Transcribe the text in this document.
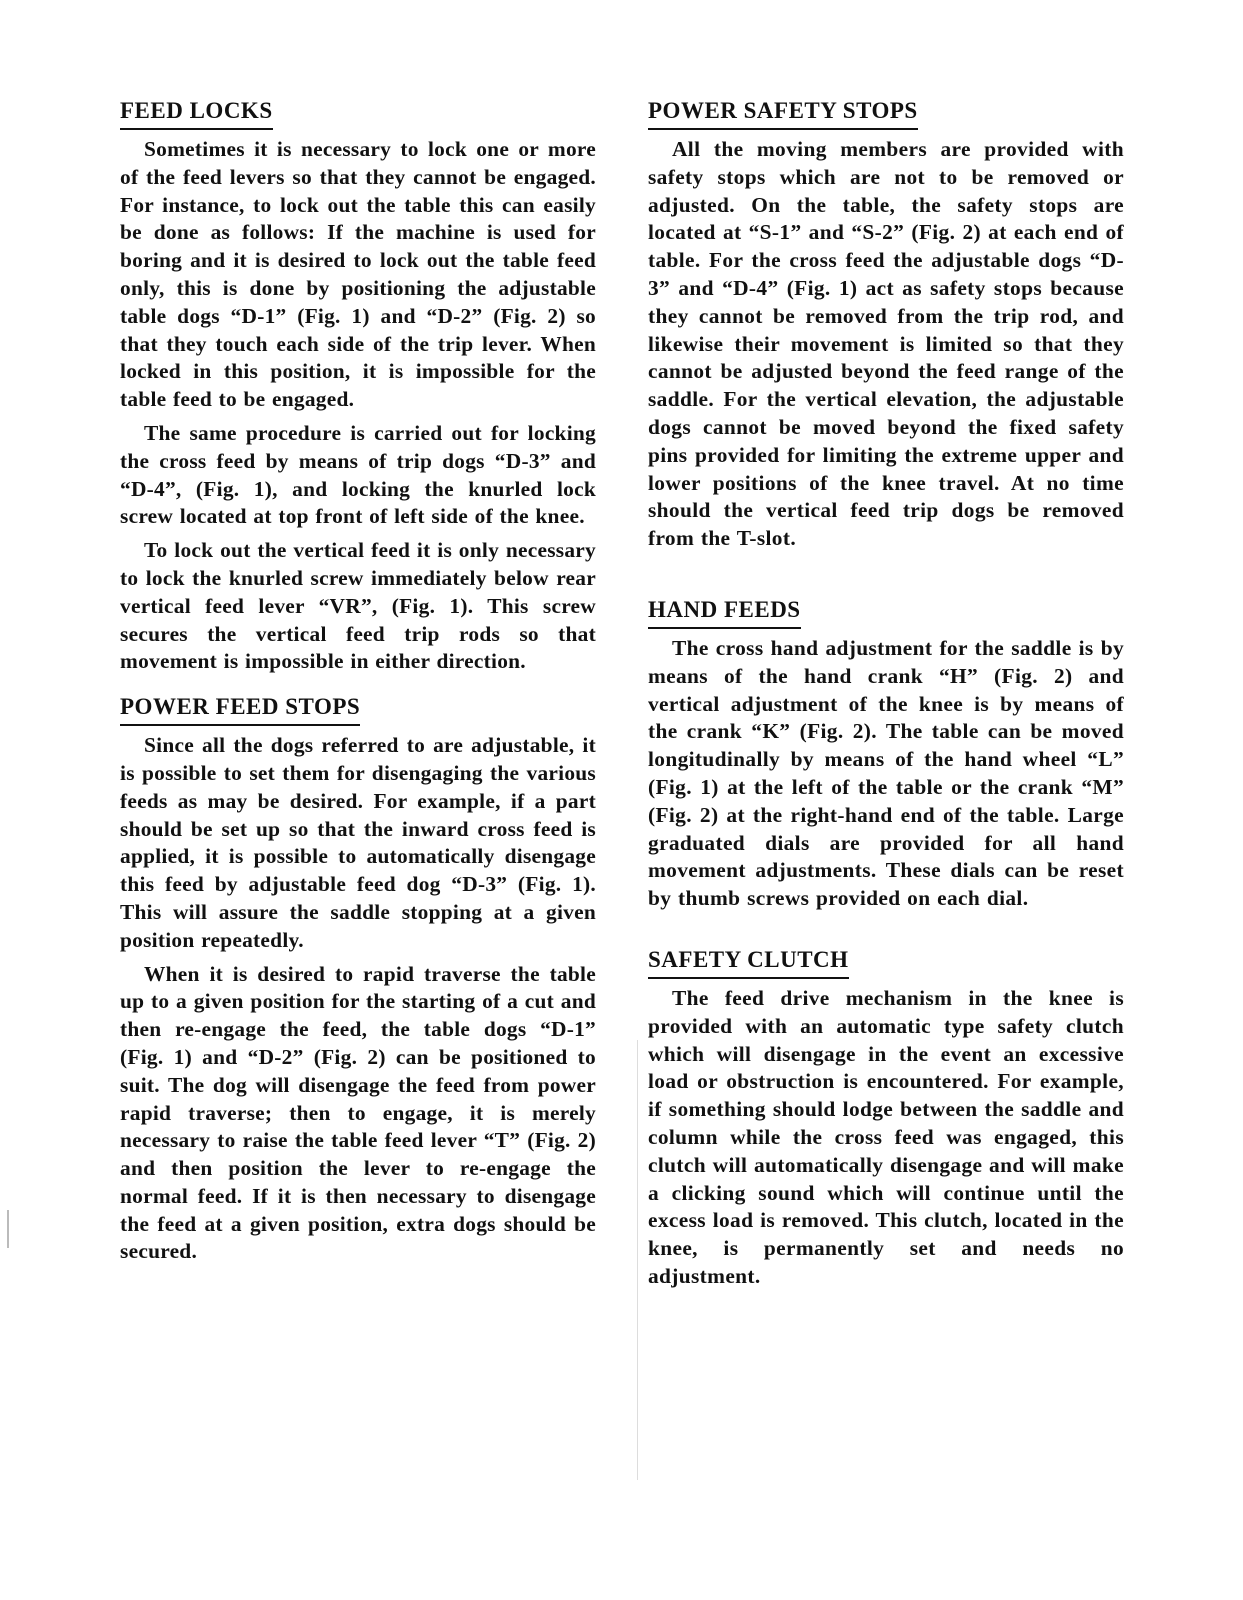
FEED LOCKS

Sometimes it is necessary to lock one or more of the feed levers so that they cannot be engaged. For instance, to lock out the table this can easily be done as follows: If the machine is used for boring and it is desired to lock out the table feed only, this is done by positioning the adjustable table dogs “D-1” (Fig. 1) and “D-2” (Fig. 2) so that they touch each side of the trip lever. When locked in this position, it is impossible for the table feed to be engaged.

The same procedure is carried out for locking the cross feed by means of trip dogs “D-3” and “D-4”, (Fig. 1), and locking the knurled lock screw located at top front of left side of the knee.

To lock out the vertical feed it is only necessary to lock the knurled screw immediately below rear vertical feed lever “VR”, (Fig. 1). This screw secures the vertical feed trip rods so that movement is impossible in either direction.

POWER FEED STOPS

Since all the dogs referred to are adjustable, it is possible to set them for disengaging the various feeds as may be desired. For example, if a part should be set up so that the inward cross feed is applied, it is possible to automatically disengage this feed by adjustable feed dog “D-3” (Fig. 1). This will assure the saddle stopping at a given position repeatedly.

When it is desired to rapid traverse the table up to a given position for the starting of a cut and then re-engage the feed, the table dogs “D-1” (Fig. 1) and “D-2” (Fig. 2) can be positioned to suit. The dog will disengage the feed from power rapid traverse; then to engage, it is merely necessary to raise the table feed lever “T” (Fig. 2) and then position the lever to re-engage the normal feed. If it is then necessary to disengage the feed at a given position, extra dogs should be secured.

POWER SAFETY STOPS

All the moving members are provided with safety stops which are not to be removed or adjusted. On the table, the safety stops are located at “S-1” and “S-2” (Fig. 2) at each end of table. For the cross feed the adjustable dogs “D-3” and “D-4” (Fig. 1) act as safety stops because they cannot be removed from the trip rod, and likewise their movement is limited so that they cannot be adjusted beyond the feed range of the saddle. For the vertical elevation, the adjustable dogs cannot be moved beyond the fixed safety pins provided for limiting the extreme upper and lower positions of the knee travel. At no time should the vertical feed trip dogs be removed from the T-slot.

HAND FEEDS

The cross hand adjustment for the saddle is by means of the hand crank “H” (Fig. 2) and vertical adjustment of the knee is by means of the crank “K” (Fig. 2). The table can be moved longitudinally by means of the hand wheel “L” (Fig. 1) at the left of the table or the crank “M” (Fig. 2) at the right-hand end of the table. Large graduated dials are provided for all hand movement adjustments. These dials can be reset by thumb screws provided on each dial.

SAFETY CLUTCH

The feed drive mechanism in the knee is provided with an automatic type safety clutch which will disengage in the event an excessive load or obstruction is encountered. For example, if something should lodge between the saddle and column while the cross feed was engaged, this clutch will automatically disengage and will make a clicking sound which will continue until the excess load is removed. This clutch, located in the knee, is permanently set and needs no adjustment.
